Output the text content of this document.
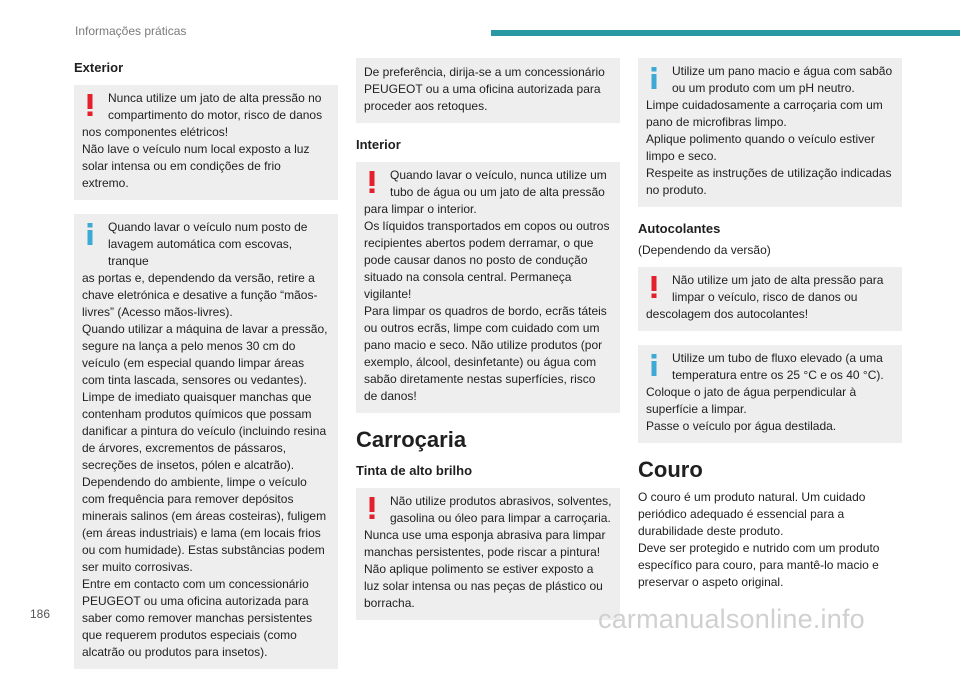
Informações práticas
Exterior
Nunca utilize um jato de alta pressão no compartimento do motor, risco de danos
nos componentes elétricos!
Não lave o veículo num local exposto a luz solar intensa ou em condições de frio extremo.
Quando lavar o veículo num posto de lavagem automática com escovas, tranque
as portas e, dependendo da versão, retire a chave eletrónica e desative a função “mãos-livres” (Acesso mãos-livres).
Quando utilizar a máquina de lavar a pressão, segure na lança a pelo menos 30 cm do veículo (em especial quando limpar áreas com tinta lascada, sensores ou vedantes).
Limpe de imediato quaisquer manchas que contenham produtos químicos que possam danificar a pintura do veículo (incluindo resina de árvores, excrementos de pássaros, secreções de insetos, pólen e alcatrão).
Dependendo do ambiente, limpe o veículo com frequência para remover depósitos minerais salinos (em áreas costeiras), fuligem (em áreas industriais) e lama (em locais frios ou com humidade). Estas substâncias podem ser muito corrosivas.
Entre em contacto com um concessionário PEUGEOT ou uma oficina autorizada para saber como remover manchas persistentes que requerem produtos especiais (como alcatrão ou produtos para insetos).
De preferência, dirija-se a um concessionário PEUGEOT ou a uma oficina autorizada para proceder aos retoques.
Interior
Quando lavar o veículo, nunca utilize um tubo de água ou um jato de alta pressão
para limpar o interior.
Os líquidos transportados em copos ou outros recipientes abertos podem derramar, o que pode causar danos no posto de condução situado na consola central. Permaneça vigilante!
Para limpar os quadros de bordo, ecrãs táteis ou outros ecrãs, limpe com cuidado com um pano macio e seco. Não utilize produtos (por exemplo, álcool, desinfetante) ou água com sabão diretamente nestas superfícies, risco de danos!
Carroçaria
Tinta de alto brilho
Não utilize produtos abrasivos, solventes, gasolina ou óleo para limpar a carroçaria.
Nunca use uma esponja abrasiva para limpar manchas persistentes, pode riscar a pintura!
Não aplique polimento se estiver exposto a luz solar intensa ou nas peças de plástico ou borracha.
Utilize um pano macio e água com sabão ou um produto com um pH neutro.
Limpe cuidadosamente a carroçaria com um pano de microfibras limpo.
Aplique polimento quando o veículo estiver limpo e seco.
Respeite as instruções de utilização indicadas no produto.
Autocolantes
(Dependendo da versão)
Não utilize um jato de alta pressão para limpar o veículo, risco de danos ou
descolagem dos autocolantes!
Utilize um tubo de fluxo elevado (a uma temperatura entre os 25 °C e os 40 °C).
Coloque o jato de água perpendicular à superfície a limpar.
Passe o veículo por água destilada.
Couro
O couro é um produto natural. Um cuidado periódico adequado é essencial para a durabilidade deste produto.
Deve ser protegido e nutrido com um produto específico para couro, para mantê-lo macio e preservar o aspeto original.
186	carmanualsonline.info
